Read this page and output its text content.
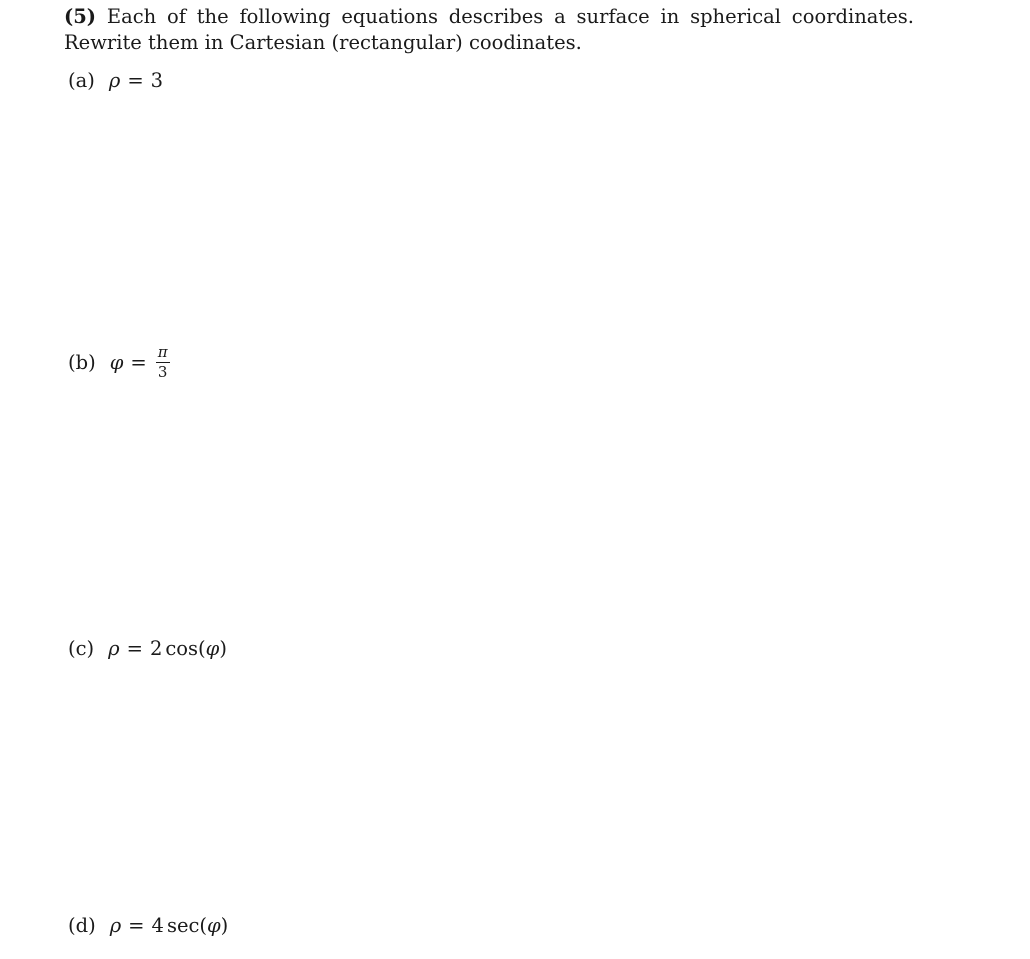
(5) Each of the following equations describes a surface in spherical coordinates. Rewrite them in Cartesian (rectangular) coodinates.
(a) ρ = 3
(b) $\varphi = \frac{\pi}{3}$
(c) ρ = 2 cos ( φ )
(d) ρ = 4 sec ( φ )
